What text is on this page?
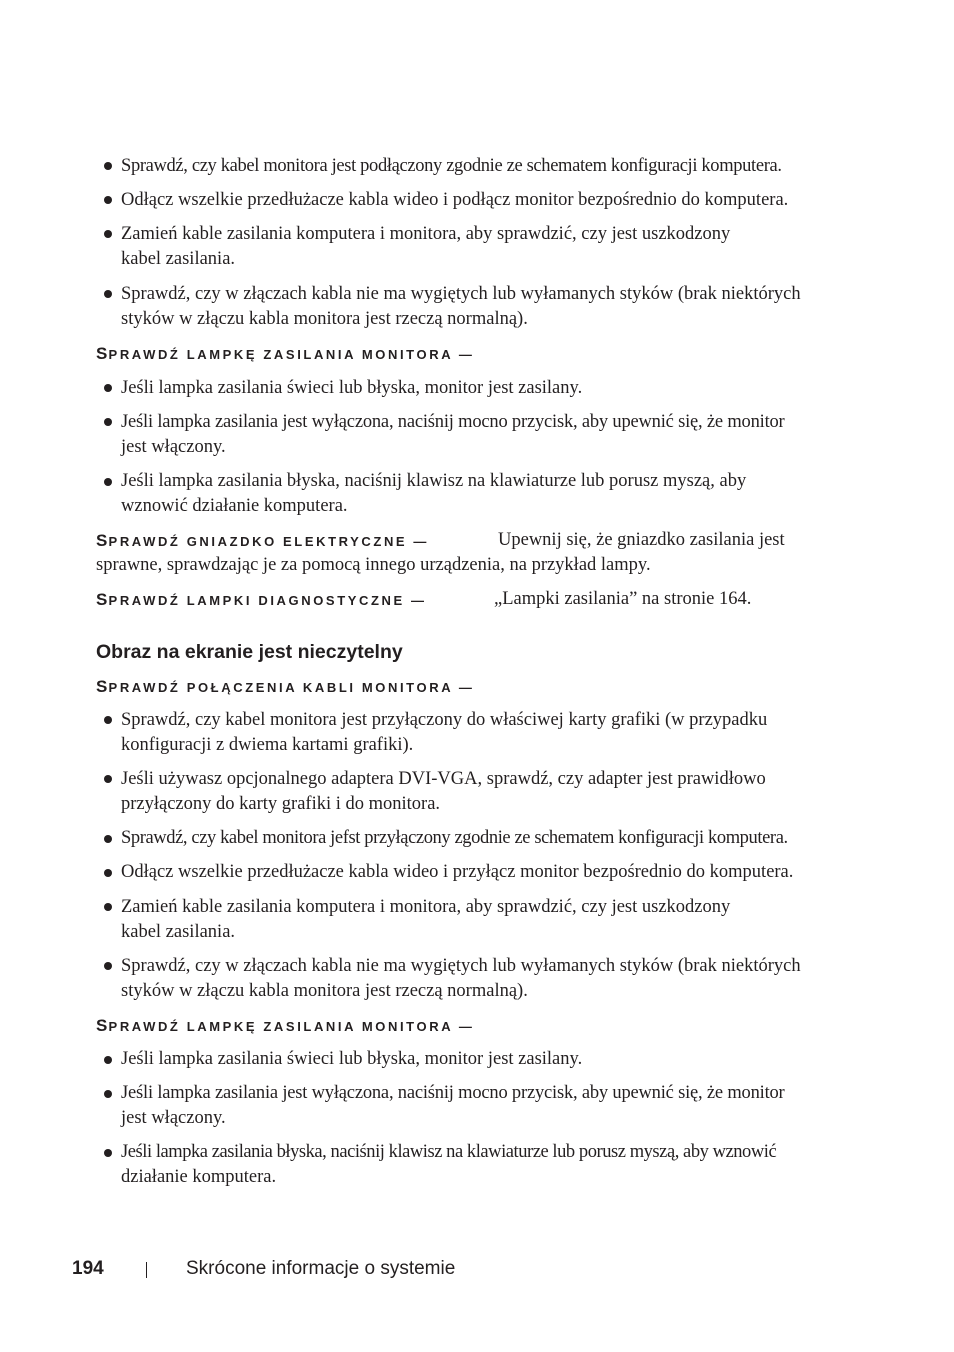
Sprawdź, czy kabel monitora jest podłączony zgodnie ze schematem konfiguracji komputera.
Odłącz wszelkie przedłużacze kabla wideo i podłącz monitor bezpośrednio do komputera.
Zamień kable zasilania komputera i monitora, aby sprawdzić, czy jest uszkodzony
kabel zasilania.
Sprawdź, czy w złączach kabla nie ma wygiętych lub wyłamanych styków (brak niektórych
styków w złączu kabla monitora jest rzeczą normalną).
SPRAWDŹ LAMPKĘ ZASILANIA MONITORA —
Jeśli lampka zasilania świeci lub błyska, monitor jest zasilany.
Jeśli lampka zasilania jest wyłączona, naciśnij mocno przycisk, aby upewnić się, że monitor
jest włączony.
Jeśli lampka zasilania błyska, naciśnij klawisz na klawiaturze lub porusz myszą, aby
wznowić działanie komputera.
SPRAWDŹ GNIAZDKO ELEKTRYCZNE —	Upewnij się, że gniazdko zasilania jest
sprawne, sprawdzając je za pomocą innego urządzenia, na przykład lampy.
SPRAWDŹ LAMPKI DIAGNOSTYCZNE —	„Lampki zasilania” na stronie 164.
Obraz na ekranie jest nieczytelny
SPRAWDŹ POŁĄCZENIA KABLI MONITORA —
Sprawdź, czy kabel monitora jest przyłączony do właściwej karty grafiki (w przypadku
konfiguracji z dwiema kartami grafiki).
Jeśli używasz opcjonalnego adaptera DVI-VGA, sprawdź, czy adapter jest prawidłowo
przyłączony do karty grafiki i do monitora.
Sprawdź, czy kabel monitora jefst przyłączony zgodnie ze schematem konfiguracji komputera.
Odłącz wszelkie przedłużacze kabla wideo i przyłącz monitor bezpośrednio do komputera.
Zamień kable zasilania komputera i monitora, aby sprawdzić, czy jest uszkodzony
kabel zasilania.
Sprawdź, czy w złączach kabla nie ma wygiętych lub wyłamanych styków (brak niektórych
styków w złączu kabla monitora jest rzeczą normalną).
SPRAWDŹ LAMPKĘ ZASILANIA MONITORA —
Jeśli lampka zasilania świeci lub błyska, monitor jest zasilany.
Jeśli lampka zasilania jest wyłączona, naciśnij mocno przycisk, aby upewnić się, że monitor
jest włączony.
Jeśli lampka zasilania błyska, naciśnij klawisz na klawiaturze lub porusz myszą, aby wznowić
działanie komputera.
194	Skrócone informacje o systemie
